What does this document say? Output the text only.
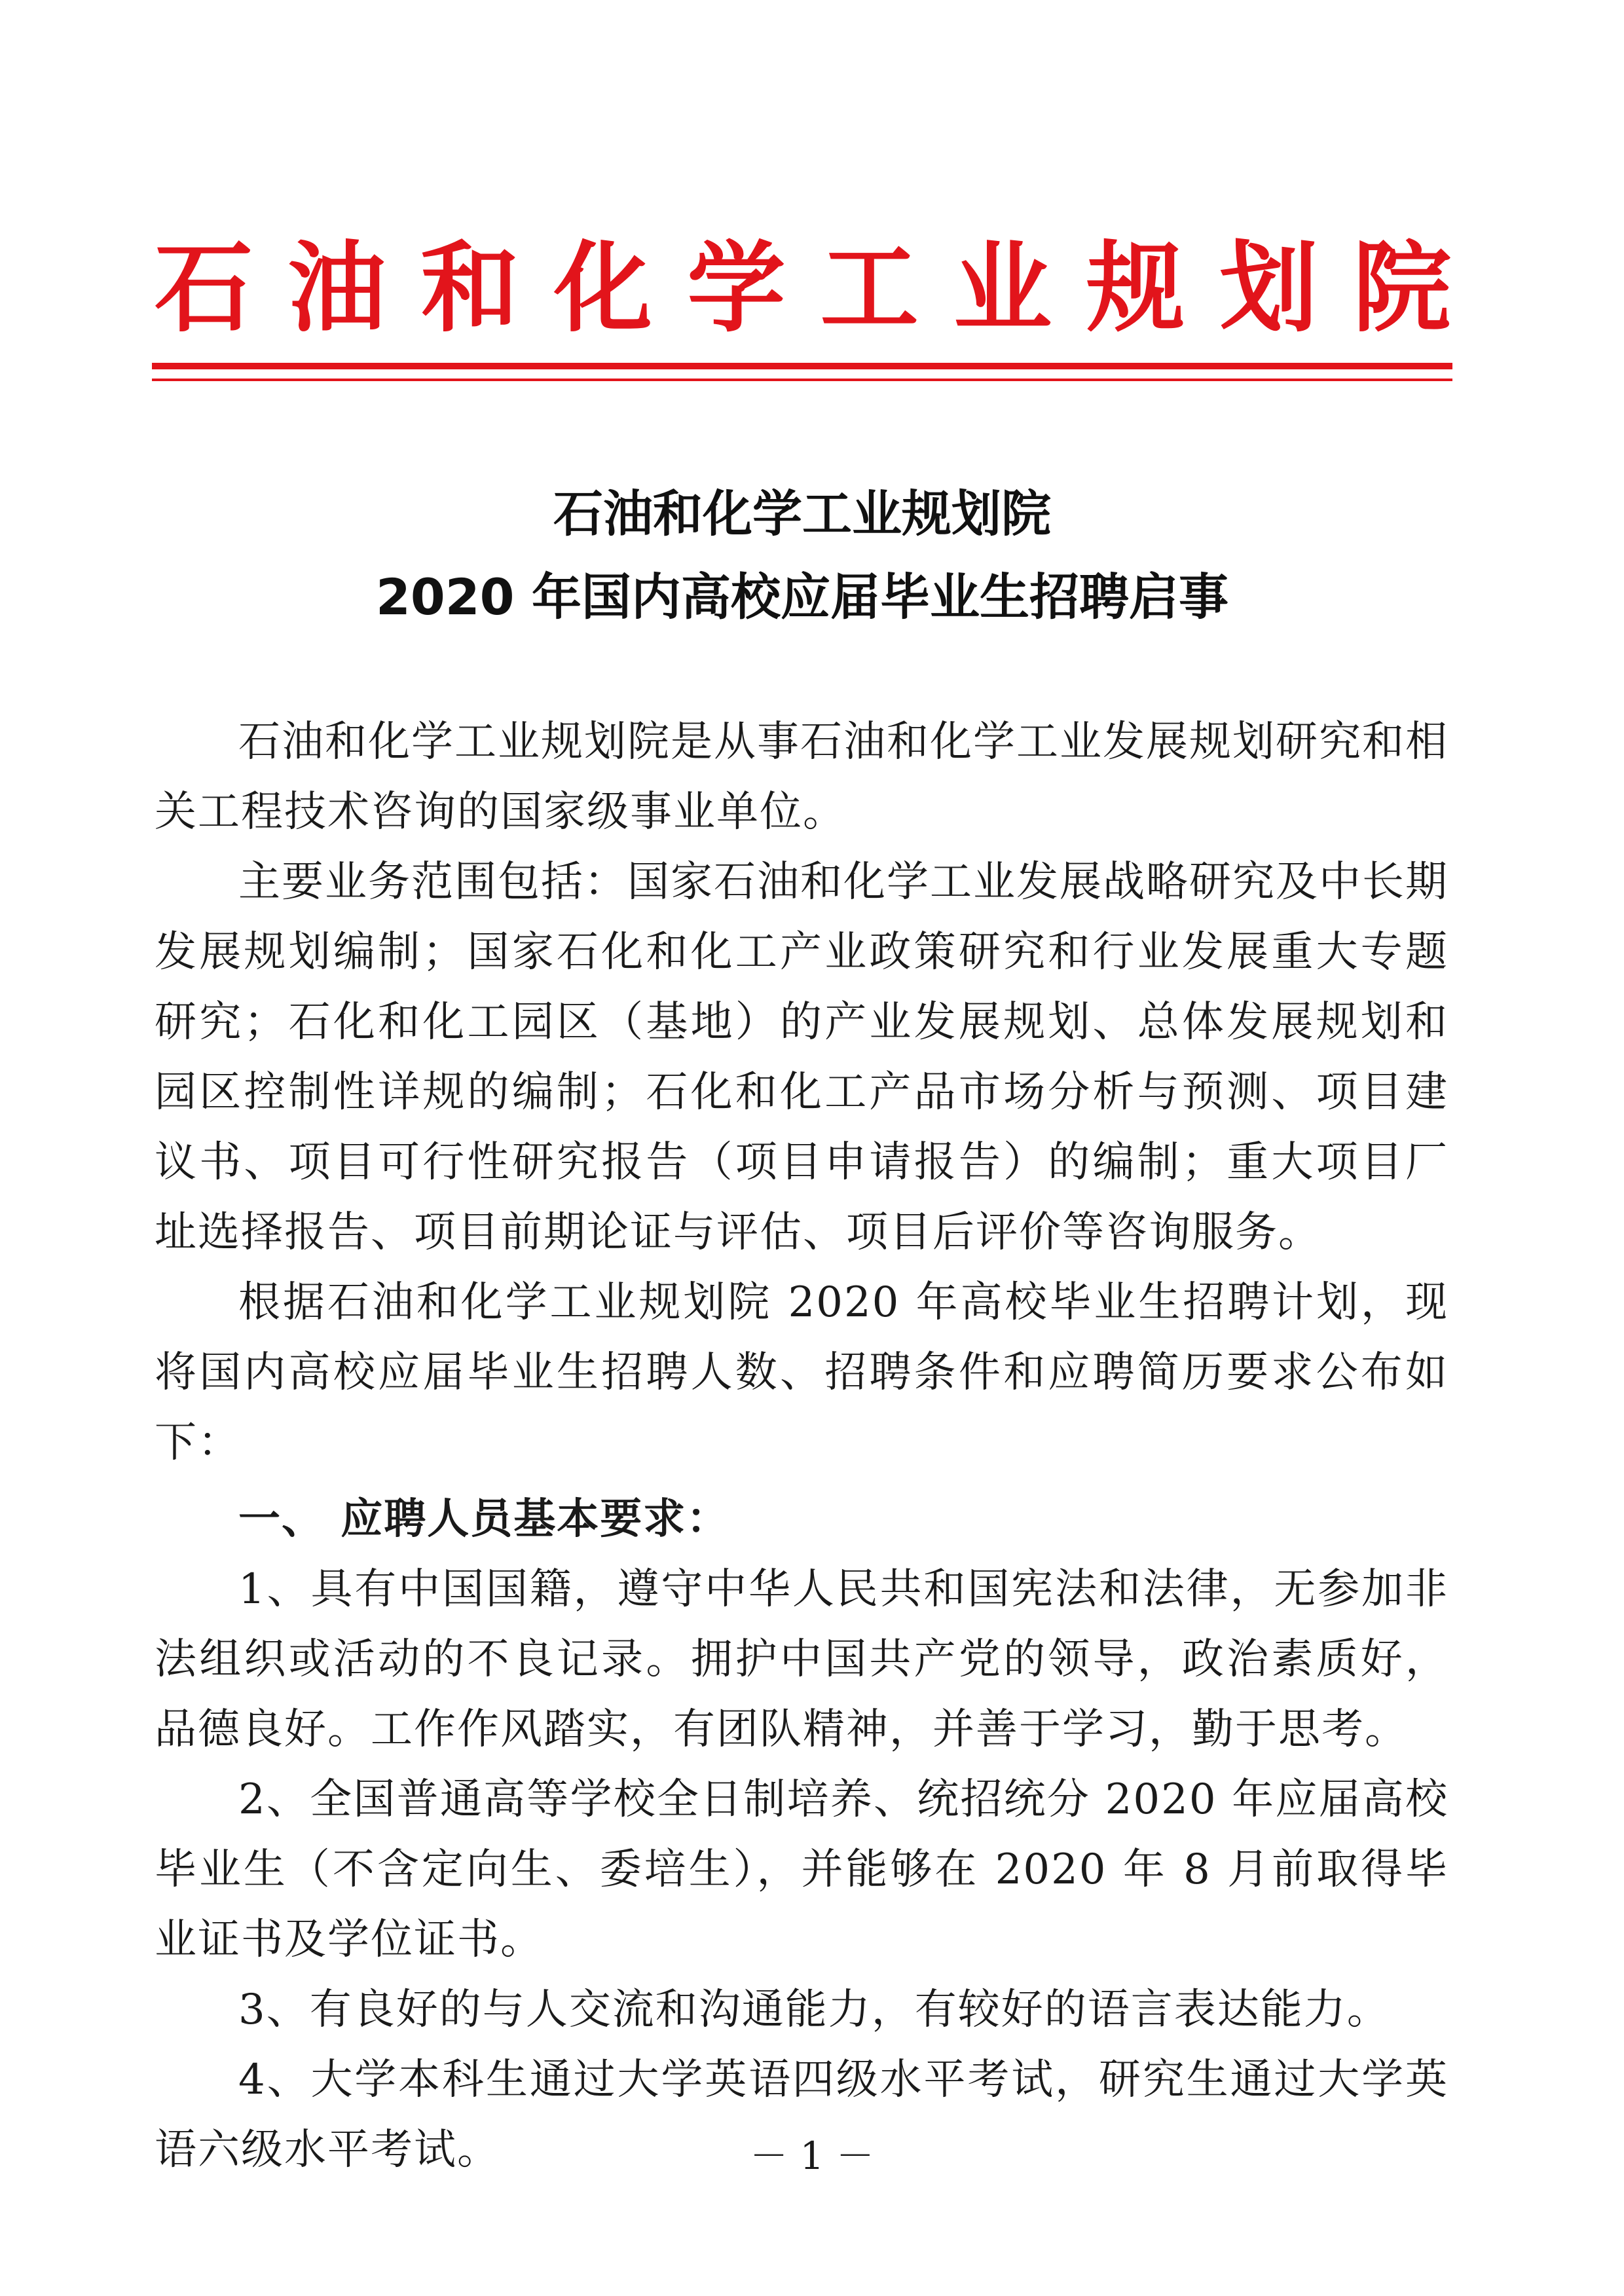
石 油 和 化 学 工 业 规 划 院
石油和化学工业规划院
2020 年国内高校应届毕业生招聘启事

石油和化学工业规划院是从事石油和化学工业发展规划研究和相关工程技术咨询的国家级事业单位。

主要业务范围包括：国家石油和化学工业发展战略研究及中长期发展规划编制；国家石化和化工产业政策研究和行业发展重大专题研究；石化和化工园区（基地）的产业发展规划、总体发展规划和园区控制性详规的编制；石化和化工产品市场分析与预测、项目建议书、项目可行性研究报告（项目申请报告）的编制；重大项目厂址选择报告、项目前期论证与评估、项目后评价等咨询服务。

根据石油和化学工业规划院 2020 年高校毕业生招聘计划，现将国内高校应届毕业生招聘人数、招聘条件和应聘简历要求公布如下：

一、 应聘人员基本要求：

1、具有中国国籍，遵守中华人民共和国宪法和法律，无参加非法组织或活动的不良记录。拥护中国共产党的领导，政治素质好，品德良好。工作作风踏实，有团队精神，并善于学习，勤于思考。

2、全国普通高等学校全日制培养、统招统分 2020 年应届高校毕业生（不含定向生、委培生），并能够在 2020 年 8 月前取得毕业证书及学位证书。

3、有良好的与人交流和沟通能力，有较好的语言表达能力。

4、大学本科生通过大学英语四级水平考试，研究生通过大学英语六级水平考试。	－ 1 －
